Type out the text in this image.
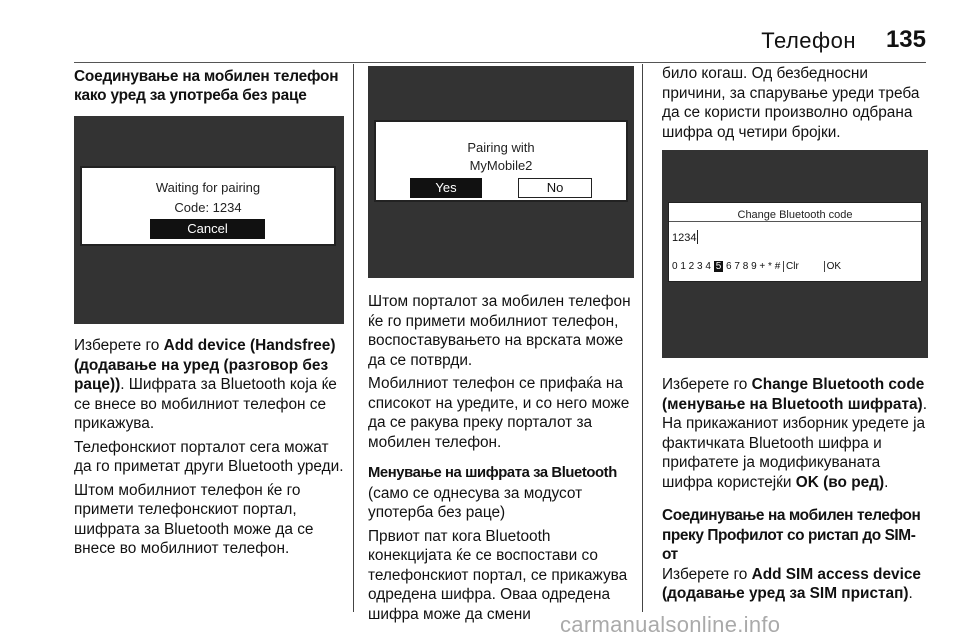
Телефон 135
Соединување на мобилен телефон како уред за употреба без раце
Waiting for pairing
Code: 1234
Cancel

Изберете го Add device (Handsfree) (додавање на уред (разговор без раце)). Шифрата за Bluetooth која ќе се внесе во мобилниот телефон се прикажува.

Телефонскиот порталот сега можат да го приметат други Bluetooth уреди.

Штом мобилниот телефон ќе го примети телефонскиот портал, шифрата за Bluetooth може да се внесе во мобилниот телефон.

Pairing with
MyMobile2
Yes	No

Штом порталот за мобилен телефон ќе го примети мобилниот телефон, воспоставувањето на врската може да се потврди.

Мобилниот телефон се прифаќа на списокот на уредите, и со него може да се ракува преку порталот за мобилен телефон.

Менување на шифрата за Bluetooth

(само се однесува за модусот употерба без раце)

Првиот пат кога Bluetooth конекцијата ќе се воспостави со телефонскиот портал, се прикажува одредена шифра. Оваа одредена шифра може да смени

било когаш. Од безбедносни причини, за спарување уреди треба да се користи произволно одбрана шифра од четири бројки.

Change Bluetooth code
1234
0 1 2 3 4 5 6 7 8 9 + * # Clr	OK

Изберете го Change Bluetooth code (менување на Bluetooth шифрата). На прикажаниот изборник уредете ја фактичката Bluetooth шифра и прифатете ја модификуваната шифра користејќи OK (во ред).

Соединување на мобилен телефон преку Профилот со ристап до SIM-от

Изберете го Add SIM access device (додавање уред за SIM пристап).

carmanualsonline.info
